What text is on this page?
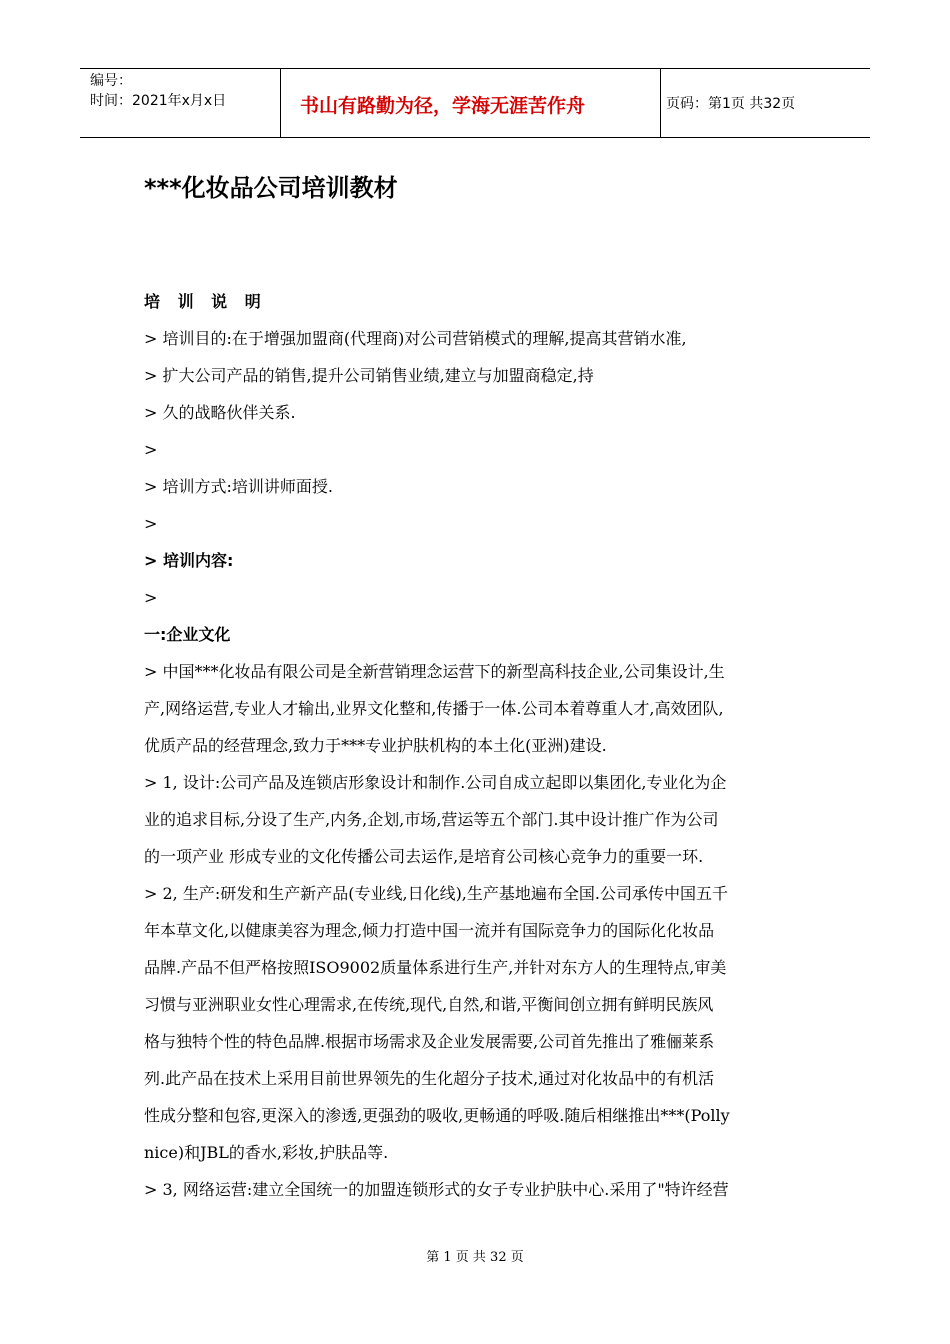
编号：
时间：2021年x月x日	书山有路勤为径，学海无涯苦作舟	页码：第1页 共32页
***化妆品公司培训教材
培 训 说 明
> 培训目的:在于增强加盟商(代理商)对公司营销模式的理解,提高其营销水准,
> 扩大公司产品的销售,提升公司销售业绩,建立与加盟商稳定,持
> 久的战略伙伴关系.
>
> 培训方式:培训讲师面授.
>
> 培训内容:
>
一:企业文化
> 中国***化妆品有限公司是全新营销理念运营下的新型高科技企业,公司集设计,生
产,网络运营,专业人才输出,业界文化整和,传播于一体.公司本着尊重人才,高效团队,
优质产品的经营理念,致力于***专业护肤机构的本土化(亚洲)建设.
> 1, 设计:公司产品及连锁店形象设计和制作.公司自成立起即以集团化,专业化为企
业的追求目标,分设了生产,内务,企划,市场,营运等五个部门.其中设计推广作为公司
的一项产业 形成专业的文化传播公司去运作,是培育公司核心竞争力的重要一环.
> 2, 生产:研发和生产新产品(专业线,日化线),生产基地遍布全国.公司承传中国五千
年本草文化,以健康美容为理念,倾力打造中国一流并有国际竞争力的国际化化妆品
品牌.产品不但严格按照ISO9002质量体系进行生产,并针对东方人的生理特点,审美
习惯与亚洲职业女性心理需求,在传统,现代,自然,和谐,平衡间创立拥有鲜明民族风
格与独特个性的特色品牌.根据市场需求及企业发展需要,公司首先推出了雅俪莱系
列.此产品在技术上采用目前世界领先的生化超分子技术,通过对化妆品中的有机活
性成分整和包容,更深入的渗透,更强劲的吸收,更畅通的呼吸.随后相继推出***(Polly
nice)和JBL的香水,彩妆,护肤品等.
> 3, 网络运营:建立全国统一的加盟连锁形式的女子专业护肤中心.采用了"特许经营
第 1 页 共 32 页
